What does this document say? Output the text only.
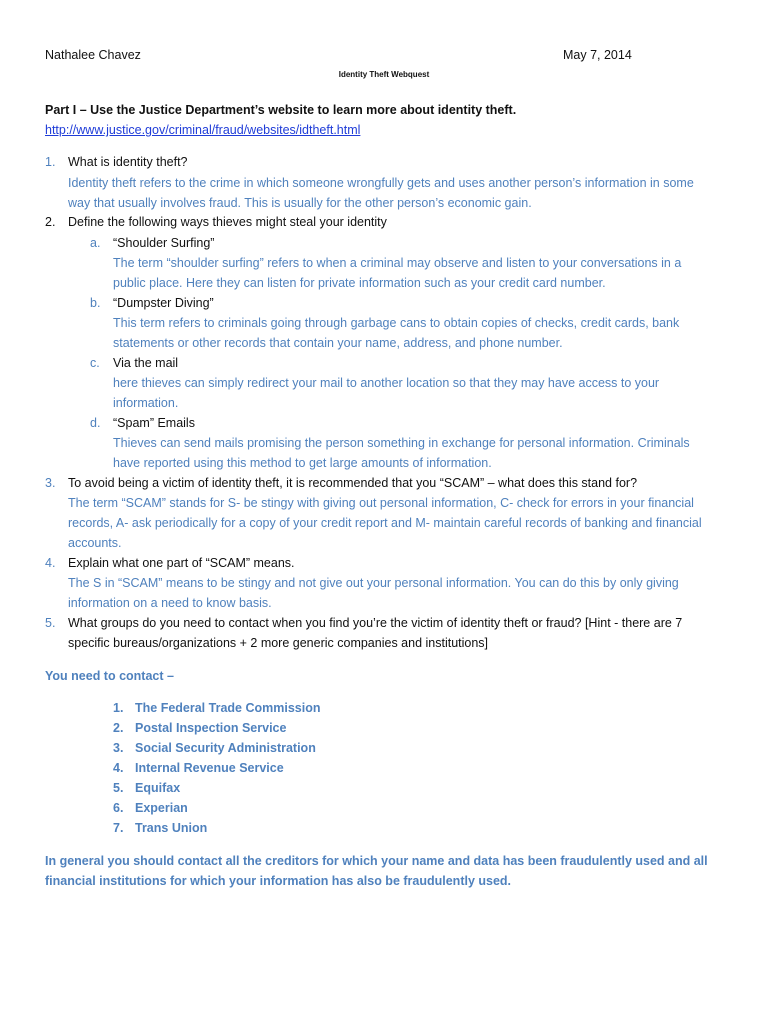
Nathalee Chavez	May 7, 2014
Identity Theft Webquest
Part I – Use the Justice Department’s website to learn more about identity theft.
http://www.justice.gov/criminal/fraud/websites/idtheft.html
1. What is identity theft?
Identity theft refers to the crime in which someone wrongfully gets and uses another person’s information in some
way that usually involves fraud. This is usually for the other person’s economic gain.
2. Define the following ways thieves might steal your identity
a. “Shoulder Surfing”
The term “shoulder surfing” refers to when a criminal may observe and listen to your conversations in a
public place. Here they can listen for private information such as your credit card number.
b. “Dumpster Diving”
This term refers to criminals going through garbage cans to obtain copies of checks, credit cards, bank
statements or other records that contain your name, address, and phone number.
c. Via the mail
here thieves can simply redirect your mail to another location so that they may have access to your
information.
d. “Spam” Emails
Thieves can send mails promising the person something in exchange for personal information. Criminals
have reported using this method to get large amounts of information.
3. To avoid being a victim of identity theft, it is recommended that you “SCAM” – what does this stand for?
The term “SCAM” stands for S- be stingy with giving out personal information, C- check for errors in your financial
records, A- ask periodically for a copy of your credit report and M- maintain careful records of banking and financial
accounts.
4. Explain what one part of “SCAM” means.
The S in “SCAM” means to be stingy and not give out your personal information. You can do this by only giving
information on a need to know basis.
5. What groups do you need to contact when you find you’re the victim of identity theft or fraud? [Hint - there are 7
specific bureaus/organizations + 2 more generic companies and institutions]
You need to contact –
1. The Federal Trade Commission
2. Postal Inspection Service
3. Social Security Administration
4. Internal Revenue Service
5. Equifax
6. Experian
7. Trans Union
In general you should contact all the creditors for which your name and data has been fraudulently used and all
financial institutions for which your information has also be fraudulently used.
